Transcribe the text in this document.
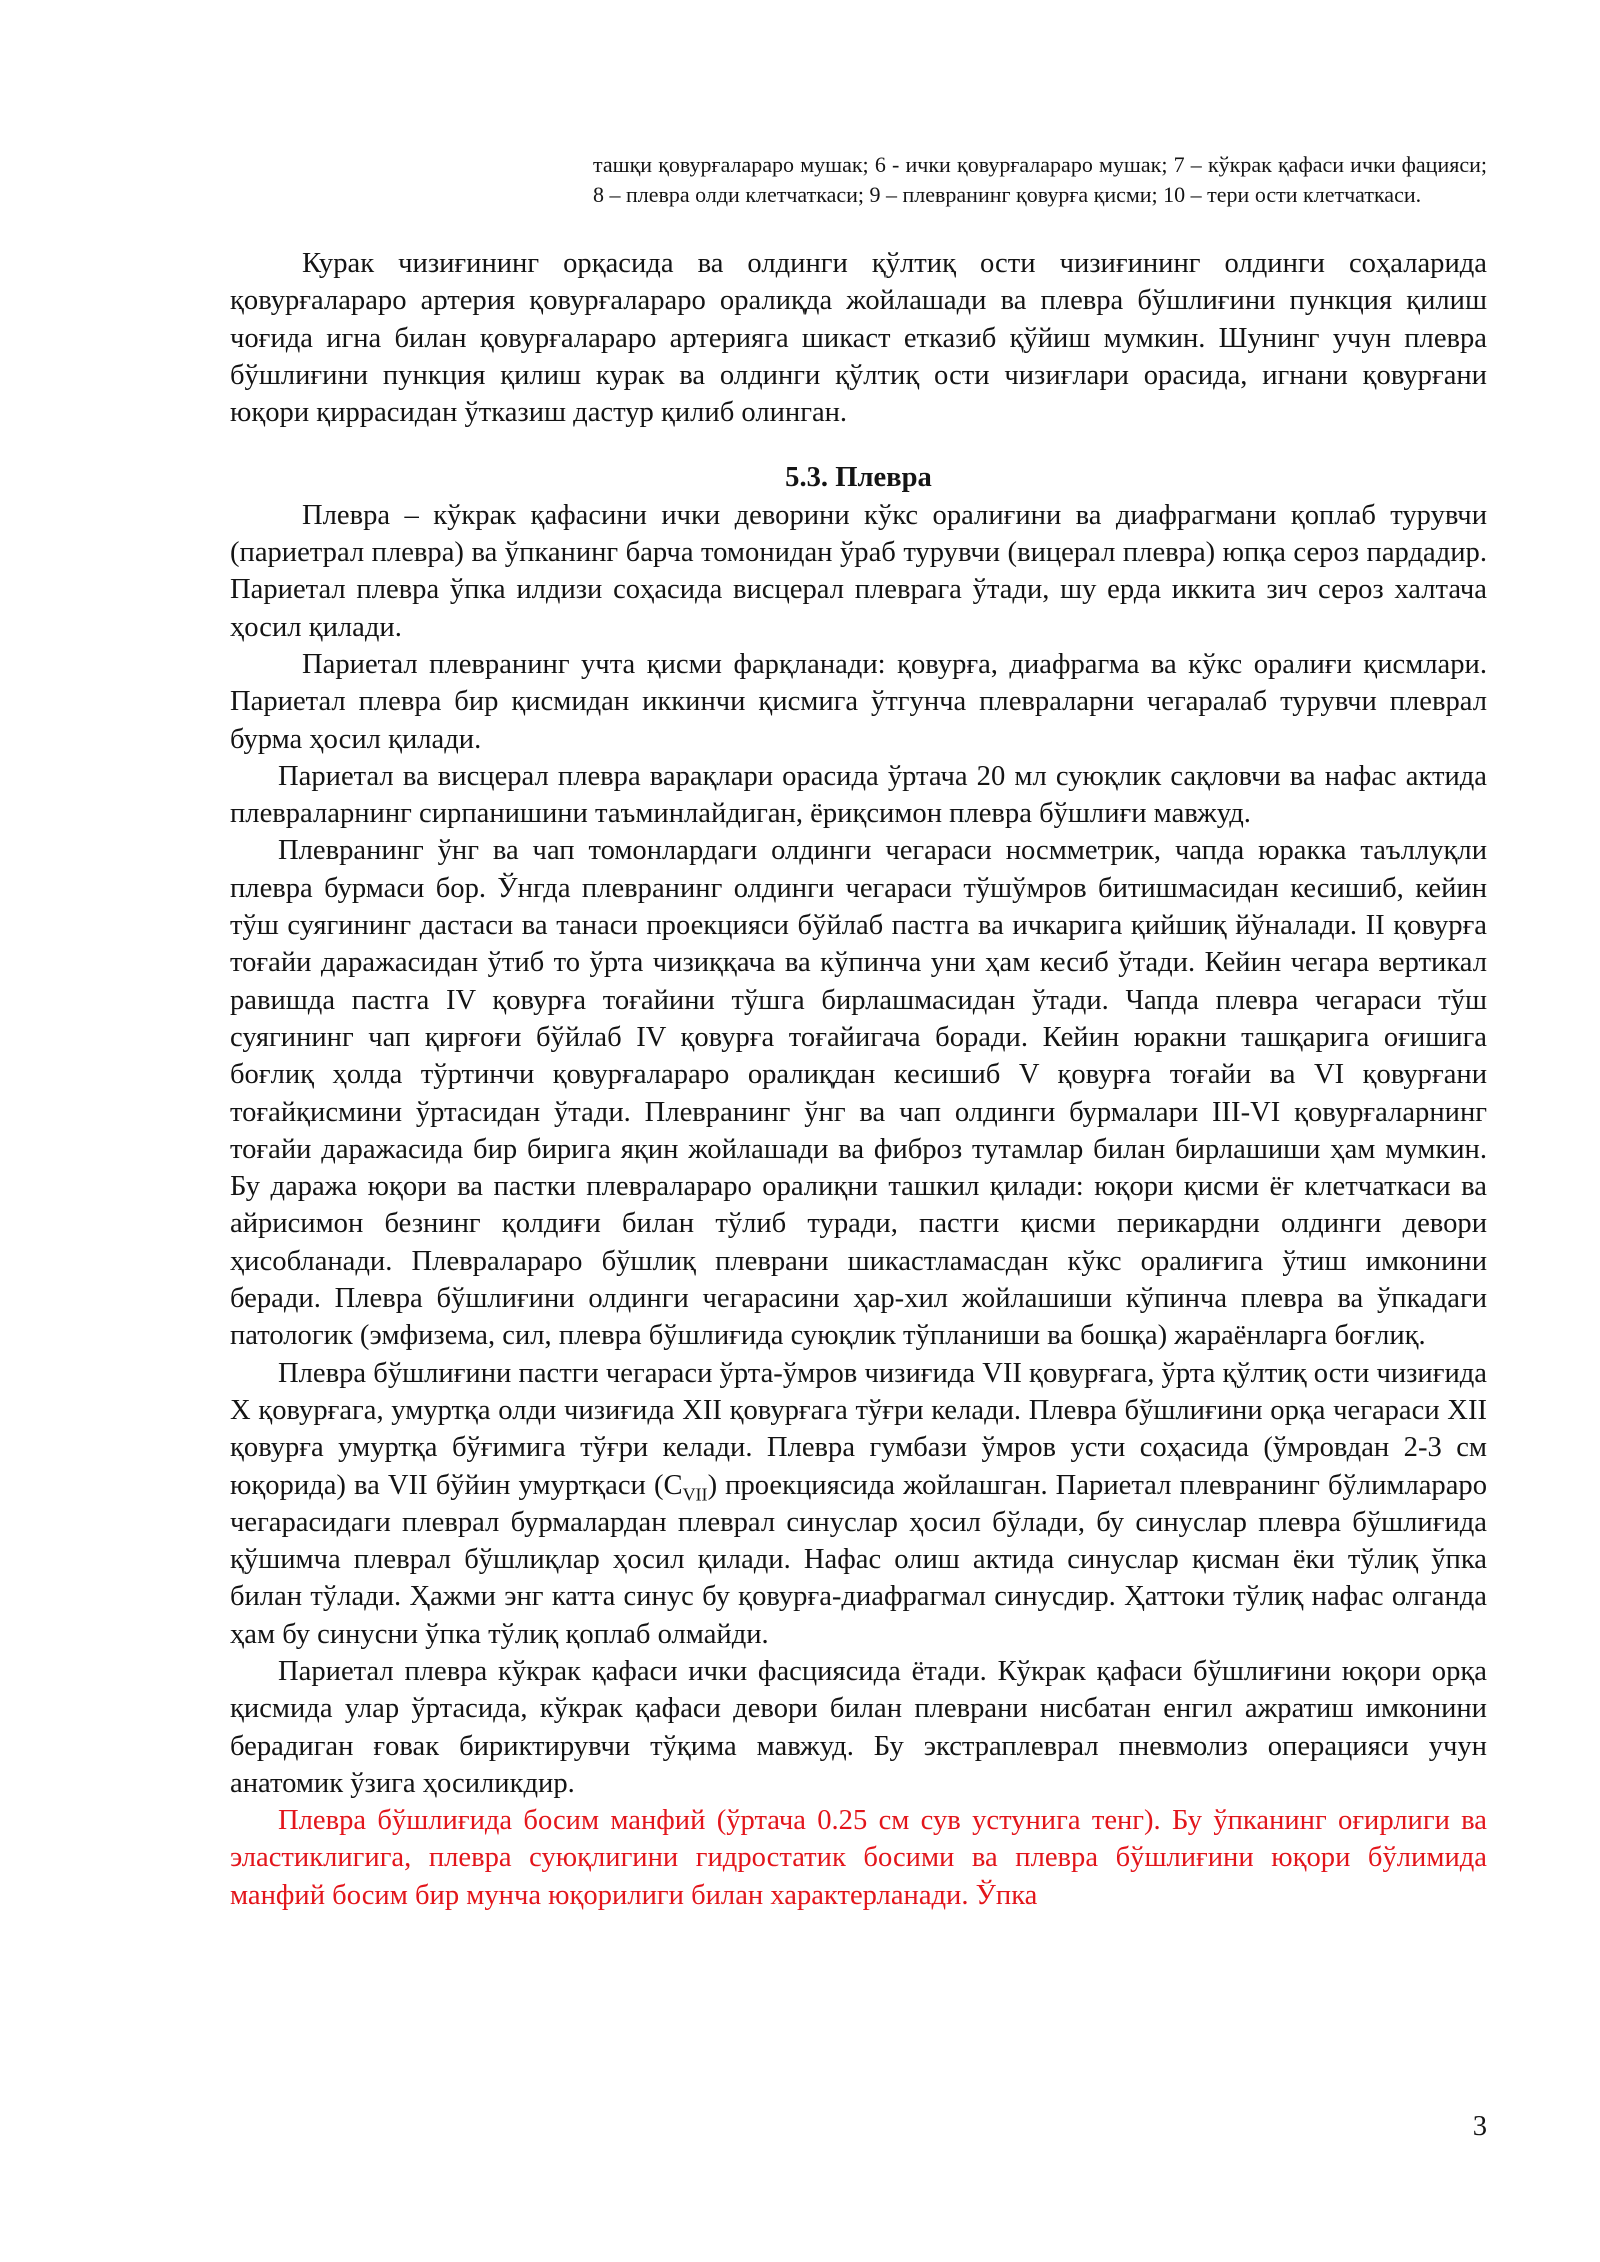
ташқи қовурғалараро мушак; 6 - ички қовурғалараро мушак; 7 – кўкрак қафаси ички фацияси; 8 – плевра олди клетчаткаси; 9 – плевранинг қовурға қисми; 10 – тери ости клетчаткаси.

Курак чизиғининг орқасида ва олдинги қўлтиқ ости чизиғининг олдинги соҳаларида қовурғалараро артерия қовурғалараро оралиқда жойлашади ва плевра бўшлиғини пункция қилиш чоғида игна билан қовурғалараро артерияга шикаст етказиб қўйиш мумкин. Шунинг учун плевра бўшлиғини пункция қилиш курак ва олдинги қўлтиқ ости чизиғлари орасида, игнани қовурғани юқори қиррасидан ўтказиш дастур қилиб олинган.

5.3. Плевра

Плевра – кўкрак қафасини ички деворини кўкс оралиғини ва диафрагмани қоплаб турувчи (париетрал плевра) ва ўпканинг барча томонидан ўраб турувчи (вицерал плевра) юпқа сероз пардадир. Париетал плевра ўпка илдизи соҳасида висцерал плеврага ўтади, шу ерда иккита зич сероз халтача ҳосил қилади.

Париетал плевранинг учта қисми фарқланади: қовурға, диафрагма ва кўкс оралиғи қисмлари. Париетал плевра бир қисмидан иккинчи қисмига ўтгунча плевраларни чегаралаб турувчи плеврал бурма ҳосил қилади.

Париетал ва висцерал плевра варақлари орасида ўртача 20 мл суюқлик сақловчи ва нафас актида плевраларнинг сирпанишини таъминлайдиган, ёриқсимон плевра бўшлиғи мавжуд.

Плевранинг ўнг ва чап томонлардаги олдинги чегараси носмметрик, чапда юракка таъллуқли плевра бурмаси бор. Ўнгда плевранинг олдинги чегараси тўшўмров битишмасидан кесишиб, кейин тўш суягининг дастаси ва танаси проекцияси бўйлаб пастга ва ичкарига қийшиқ йўналади. II қовурға тоғайи даражасидан ўтиб то ўрта чизиққача ва кўпинча уни ҳам кесиб ўтади. Кейин чегара вертикал равишда пастга IV қовурға тоғайини тўшга бирлашмасидан ўтади. Чапда плевра чегараси тўш суягининг чап қирғоғи бўйлаб IV қовурға тоғайигача боради. Кейин юракни ташқарига оғишига боғлиқ ҳолда тўртинчи қовурғалараро оралиқдан кесишиб V қовурға тоғайи ва VI қовурғани тоғайқисмини ўртасидан ўтади. Плевранинг ўнг ва чап олдинги бурмалари III-VI қовурғаларнинг тоғайи даражасида бир бирига яқин жойлашади ва фиброз тутамлар билан бирлашиши ҳам мумкин. Бу даража юқори ва пастки плевралараро оралиқни ташкил қилади: юқори қисми ёғ клетчаткаси ва айрисимон безнинг қолдиғи билан тўлиб туради, пастги қисми перикардни олдинги девори ҳисобланади. Плевралараро бўшлиқ плеврани шикастламасдан кўкс оралиғига ўтиш имконини беради. Плевра бўшлиғини олдинги чегарасини ҳар-хил жойлашиши кўпинча плевра ва ўпкадаги патологик (эмфизема, сил, плевра бўшлиғида суюқлик тўпланиши ва бошқа) жараёнларга боғлиқ.

Плевра бўшлиғини пастги чегараси ўрта-ўмров чизиғида VII қовурғага, ўрта қўлтиқ ости чизиғида X қовурғага, умуртқа олди чизиғида XII қовурғага тўғри келади. Плевра бўшлиғини орқа чегараси XII қовурға умуртқа бўғимига тўғри келади. Плевра гумбази ўмров усти соҳасида (ўмровдан 2-3 см юқорида) ва VII бўйин умуртқаси $(C_{VII})$ проекциясида жойлашган. Париетал плевранинг бўлимлараро чегарасидаги плеврал бурмалардан плеврал синуслар ҳосил бўлади, бу синуслар плевра бўшлиғида қўшимча плеврал бўшлиқлар ҳосил қилади. Нафас олиш актида синуслар қисман ёки тўлиқ ўпка билан тўлади. Ҳажми энг катта синус бу қовурға-диафрагмал синусдир. Ҳаттоки тўлиқ нафас олганда ҳам бу синусни ўпка тўлиқ қоплаб олмайди.

Париетал плевра кўкрак қафаси ички фасциясида ётади. Кўкрак қафаси бўшлиғини юқори орқа қисмида улар ўртасида, кўкрак қафаси девори билан плеврани нисбатан енгил ажратиш имконини берадиган ғовак бириктирувчи тўқима мавжуд. Бу экстраплеврал пневмолиз операцияси учун анатомик ўзига ҳосиликдир.

Плевра бўшлиғида босим манфий (ўртача 0.25 см сув устунига тенг). Бу ўпканинг оғирлиги ва эластиклигига, плевра суюқлигини гидростатик босими ва плевра бўшлиғини юқори бўлимида манфий босим бир мунча юқорилиги билан характерланади. Ўпка

3
